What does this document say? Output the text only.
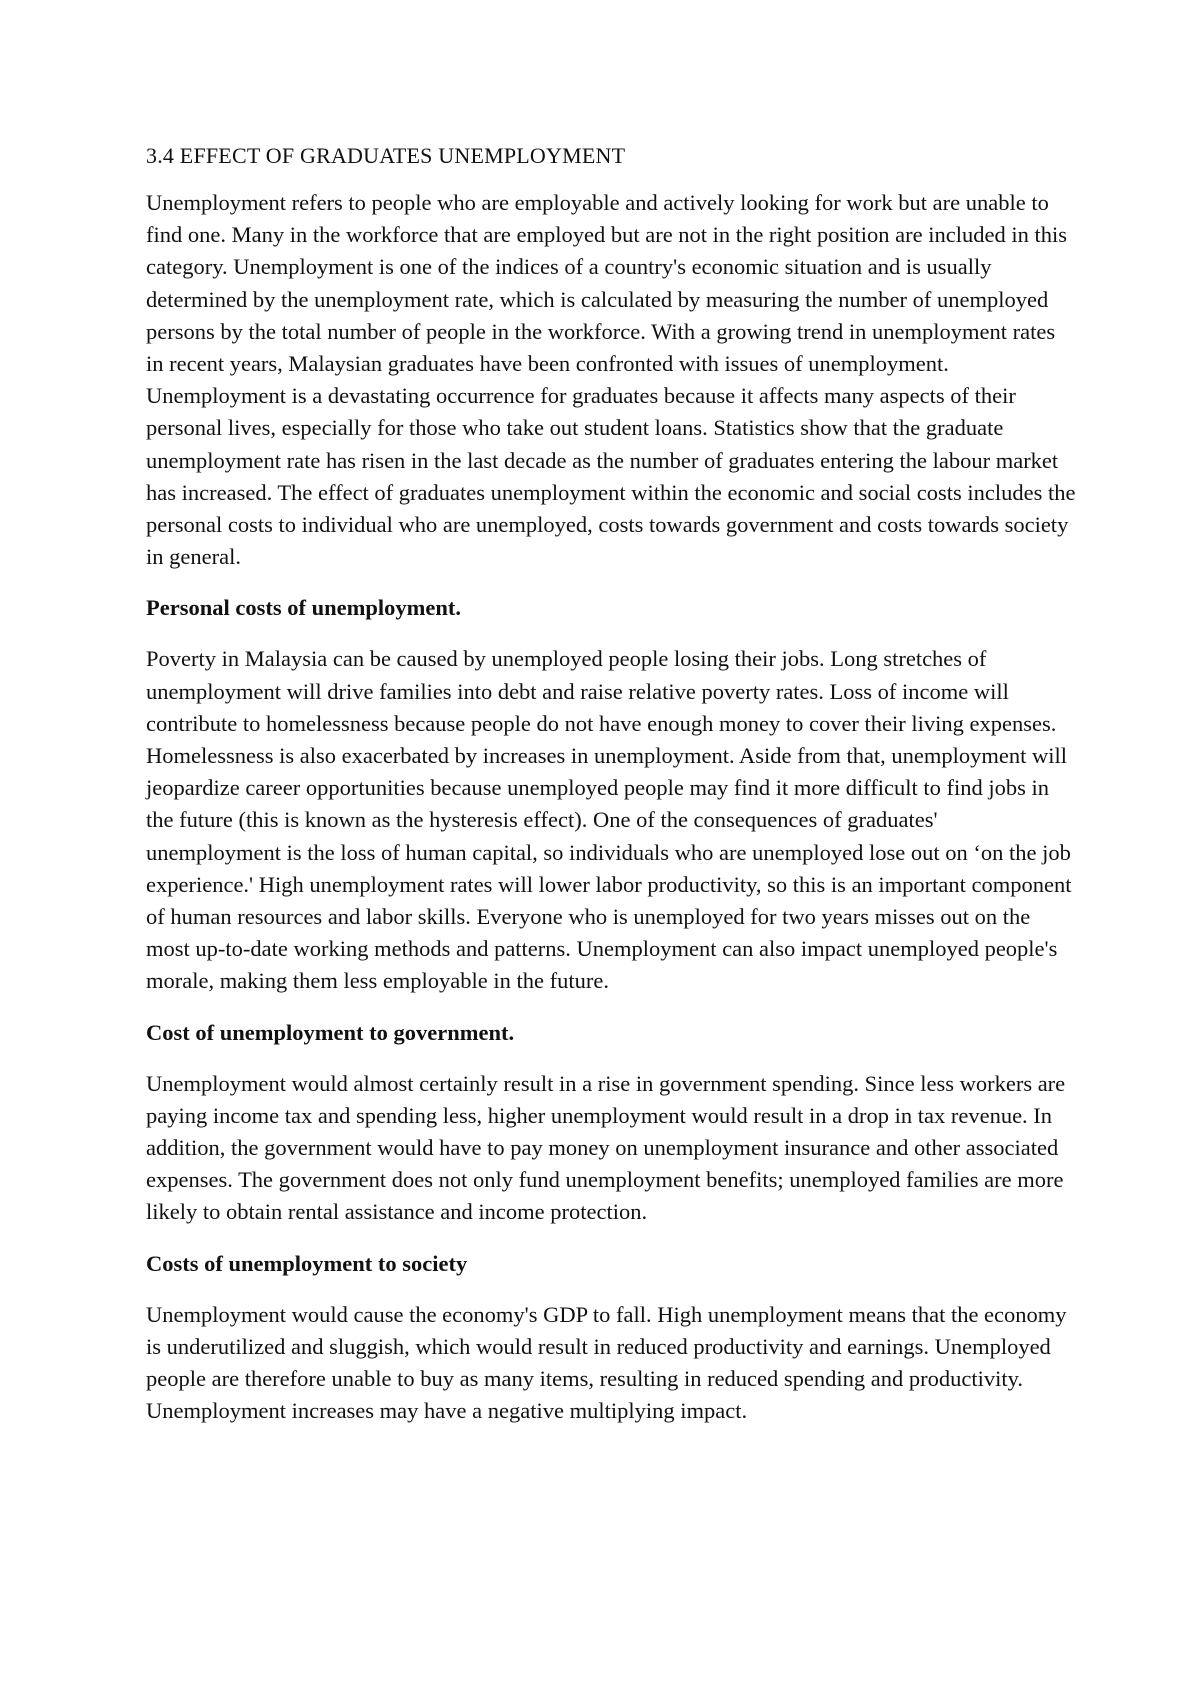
3.4 EFFECT OF GRADUATES UNEMPLOYMENT

Unemployment refers to people who are employable and actively looking for work but are unable to find one. Many in the workforce that are employed but are not in the right position are included in this category. Unemployment is one of the indices of a country's economic situation and is usually determined by the unemployment rate, which is calculated by measuring the number of unemployed persons by the total number of people in the workforce. With a growing trend in unemployment rates in recent years, Malaysian graduates have been confronted with issues of unemployment. Unemployment is a devastating occurrence for graduates because it affects many aspects of their personal lives, especially for those who take out student loans. Statistics show that the graduate unemployment rate has risen in the last decade as the number of graduates entering the labour market has increased. The effect of graduates unemployment within the economic and social costs includes the personal costs to individual who are unemployed, costs towards government and costs towards society in general.

Personal costs of unemployment.

Poverty in Malaysia can be caused by unemployed people losing their jobs. Long stretches of unemployment will drive families into debt and raise relative poverty rates. Loss of income will contribute to homelessness because people do not have enough money to cover their living expenses. Homelessness is also exacerbated by increases in unemployment. Aside from that, unemployment will jeopardize career opportunities because unemployed people may find it more difficult to find jobs in the future (this is known as the hysteresis effect). One of the consequences of graduates' unemployment is the loss of human capital, so individuals who are unemployed lose out on ‘on the job experience.' High unemployment rates will lower labor productivity, so this is an important component of human resources and labor skills. Everyone who is unemployed for two years misses out on the most up-to-date working methods and patterns. Unemployment can also impact unemployed people's morale, making them less employable in the future.

Cost of unemployment to government.

Unemployment would almost certainly result in a rise in government spending. Since less workers are paying income tax and spending less, higher unemployment would result in a drop in tax revenue. In addition, the government would have to pay money on unemployment insurance and other associated expenses. The government does not only fund unemployment benefits; unemployed families are more likely to obtain rental assistance and income protection.

Costs of unemployment to society

Unemployment would cause the economy's GDP to fall. High unemployment means that the economy is underutilized and sluggish, which would result in reduced productivity and earnings. Unemployed people are therefore unable to buy as many items, resulting in reduced spending and productivity. Unemployment increases may have a negative multiplying impact.
